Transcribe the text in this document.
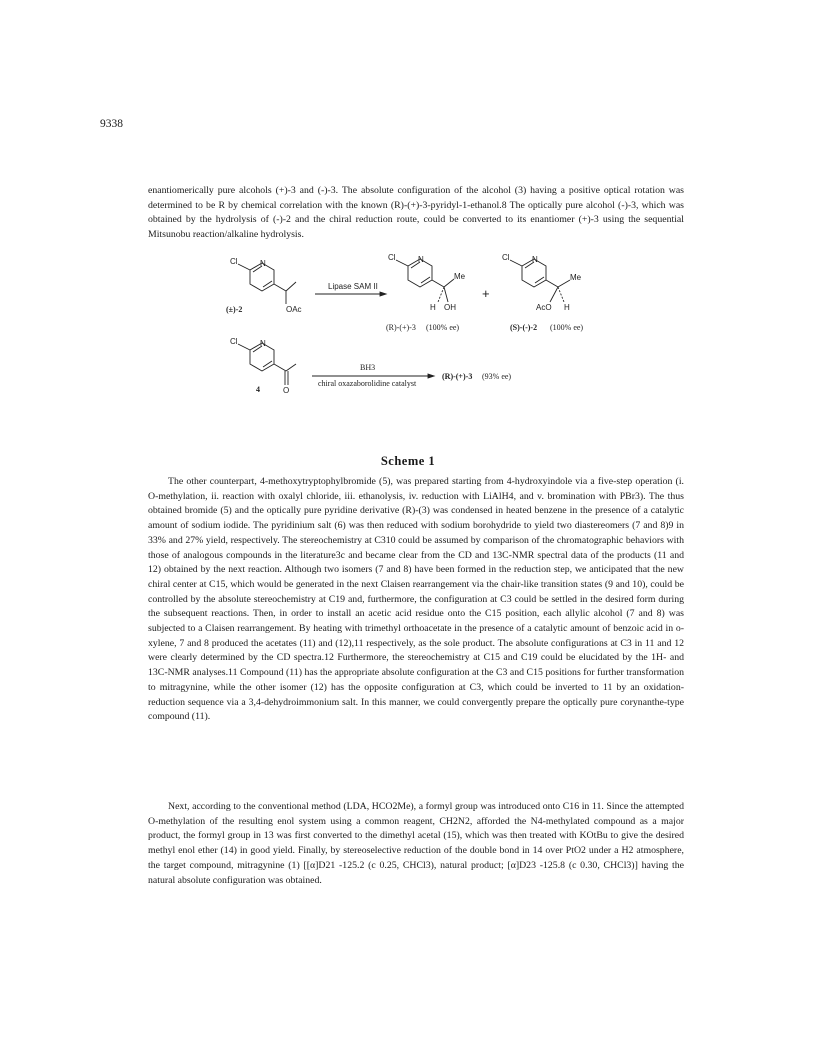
9338

enantiomerically pure alcohols (+)-3 and (-)-3. The absolute configuration of the alcohol (3) having a positive optical rotation was determined to be R by chemical correlation with the known (R)-(+)-3-pyridyl-1-ethanol.8 The optically pure alcohol (-)-3, which was obtained by the hydrolysis of (-)-2 and the chiral reduction route, could be converted to its enantiomer (+)-3 using the sequential Mitsunobu reaction/alkaline hydrolysis.

Cl	N
OAc
(±)-2
Lipase SAM II
Cl	N
Me
H OH
(R)-(+)-3 (100% ee)
+
Cl	N
Me
AcO H
(S)-(-)-2 (100% ee)
Cl	N
O
4
BH3
chiral oxazaborolidine catalyst
(R)-(+)-3 (93% ee)
Scheme 1

The other counterpart, 4-methoxytryptophylbromide (5), was prepared starting from 4-hydroxyindole via a five-step operation (i. O-methylation, ii. reaction with oxalyl chloride, iii. ethanolysis, iv. reduction with LiAlH4, and v. bromination with PBr3). The thus obtained bromide (5) and the optically pure pyridine derivative (R)-(3) was condensed in heated benzene in the presence of a catalytic amount of sodium iodide. The pyridinium salt (6) was then reduced with sodium borohydride to yield two diastereomers (7 and 8)9 in 33% and 27% yield, respectively. The stereochemistry at C310 could be assumed by comparison of the chromatographic behaviors with those of analogous compounds in the literature3c and became clear from the CD and 13C-NMR spectral data of the products (11 and 12) obtained by the next reaction. Although two isomers (7 and 8) have been formed in the reduction step, we anticipated that the new chiral center at C15, which would be generated in the next Claisen rearrangement via the chair-like transition states (9 and 10), could be controlled by the absolute stereochemistry at C19 and, furthermore, the configuration at C3 could be settled in the desired form during the subsequent reactions. Then, in order to install an acetic acid residue onto the C15 position, each allylic alcohol (7 and 8) was subjected to a Claisen rearrangement. By heating with trimethyl orthoacetate in the presence of a catalytic amount of benzoic acid in o-xylene, 7 and 8 produced the acetates (11) and (12),11 respectively, as the sole product. The absolute configurations at C3 in 11 and 12 were clearly determined by the CD spectra.12 Furthermore, the stereochemistry at C15 and C19 could be elucidated by the 1H- and 13C-NMR analyses.11 Compound (11) has the appropriate absolute configuration at the C3 and C15 positions for further transformation to mitragynine, while the other isomer (12) has the opposite configuration at C3, which could be inverted to 11 by an oxidation-reduction sequence via a 3,4-dehydroimmonium salt. In this manner, we could convergently prepare the optically pure corynanthe-type compound (11).

Next, according to the conventional method (LDA, HCO2Me), a formyl group was introduced onto C16 in 11. Since the attempted O-methylation of the resulting enol system using a common reagent, CH2N2, afforded the N4-methylated compound as a major product, the formyl group in 13 was first converted to the dimethyl acetal (15), which was then treated with KOtBu to give the desired methyl enol ether (14) in good yield. Finally, by stereoselective reduction of the double bond in 14 over PtO2 under a H2 atmosphere, the target compound, mitragynine (1) [[α]D21 -125.2 (c 0.25, CHCl3), natural product; [α]D23 -125.8 (c 0.30, CHCl3)] having the natural absolute configuration was obtained.
